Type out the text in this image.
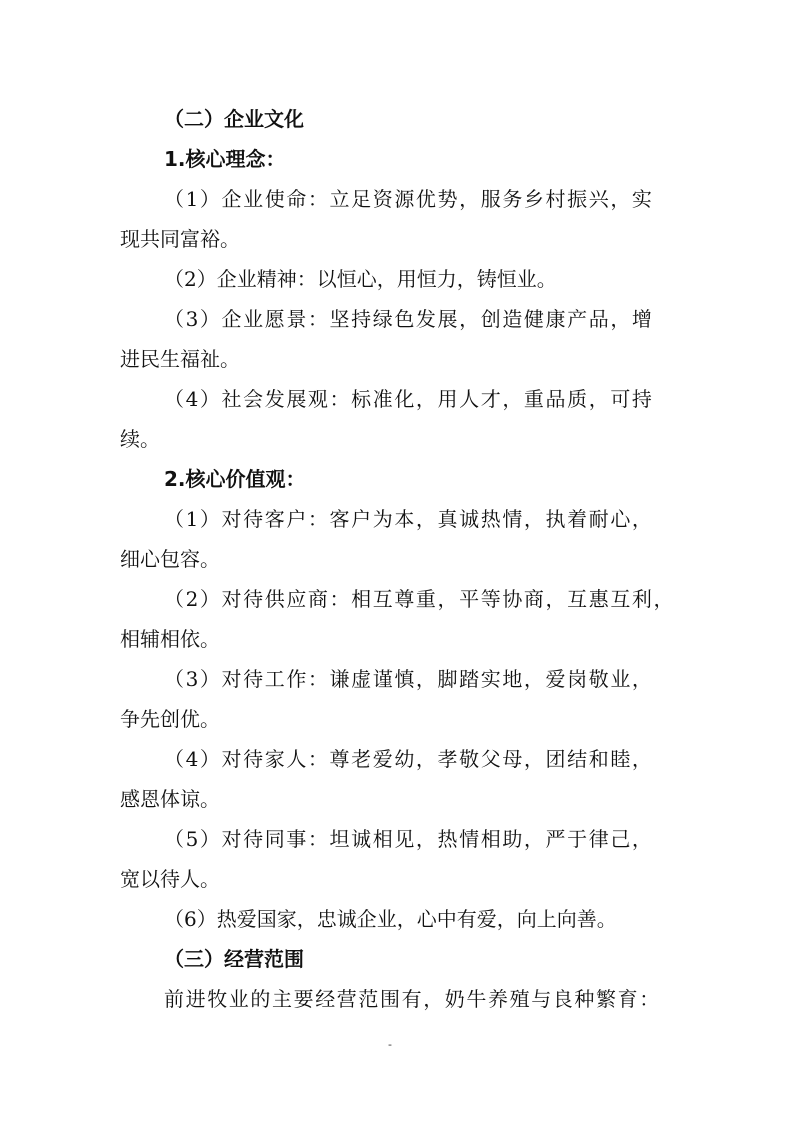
（二）企业文化
1.核心理念：

（1）企业使命：立足资源优势，服务乡村振兴，实

现共同富裕。

（2）企业精神：以恒心，用恒力，铸恒业。

（3）企业愿景：坚持绿色发展，创造健康产品，增

进民生福祉。

（4）社会发展观：标准化，用人才，重品质，可持

续。

2.核心价值观：

（1）对待客户：客户为本，真诚热情，执着耐心，

细心包容。

（2）对待供应商：相互尊重，平等协商，互惠互利，

相辅相依。

（3）对待工作：谦虚谨慎，脚踏实地，爱岗敬业，

争先创优。

（4）对待家人：尊老爱幼，孝敬父母，团结和睦，

感恩体谅。

（5）对待同事：坦诚相见，热情相助，严于律己，

宽以待人。

（6）热爱国家，忠诚企业，心中有爱，向上向善。

（三）经营范围

前进牧业的主要经营范围有，奶牛养殖与良种繁育：

-
